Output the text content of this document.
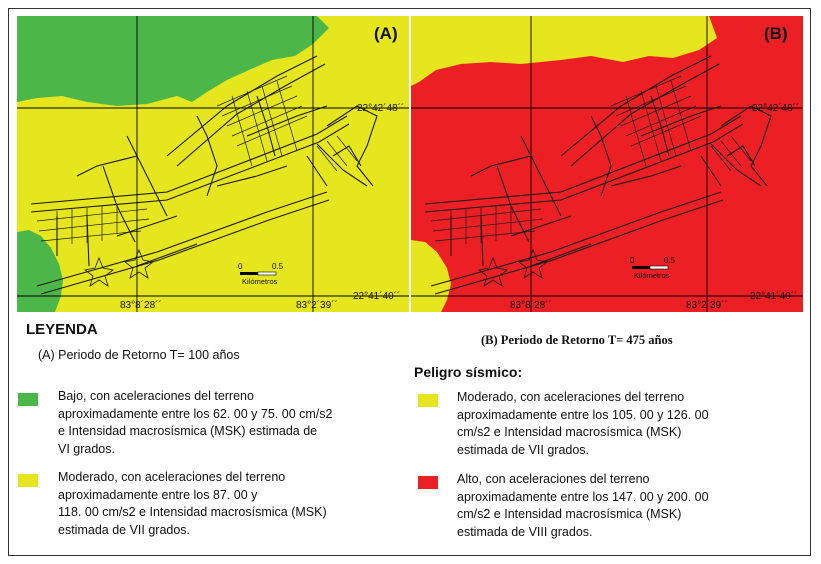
(A)
22°42´48´´
22°41´40´´
83°8´28´´	83°2´39´´
0	0.5
Kilómetros
(B)
22°42´48´´
22°41´40´´
83°8´28´´	83°2´39´´
0	0.5
Kilómetros
LEYENDA
(A) Periodo de Retorno T= 100 años
(B) Periodo de Retorno T= 475 años
Peligro sísmico:
Bajo, con aceleraciones del terreno
aproximadamente entre los 62. 00 y 75. 00 cm/s2
e Intensidad macrosísmica (MSK) estimada de
VI grados.
Moderado, con aceleraciones del terreno
aproximadamente entre los 87. 00 y
118. 00 cm/s2 e Intensidad macrosísmica (MSK)
estimada de VII grados.
Moderado, con aceleraciones del terreno
aproximadamente entre los 105. 00 y 126. 00
cm/s2 e Intensidad macrosísmica (MSK)
estimada de VII grados.
Alto, con aceleraciones del terreno
aproximadamente entre los 147. 00 y 200. 00
cm/s2 e Intensidad macrosísmica (MSK)
estimada de VIII grados.
